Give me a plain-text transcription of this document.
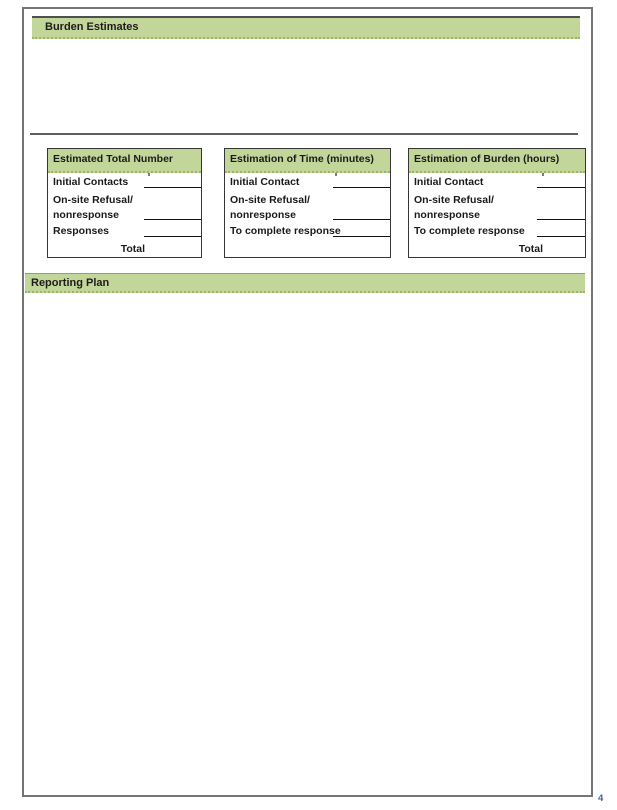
Burden Estimates
Estimated Total Number
Initial Contacts
On-site Refusal/
nonresponse
Responses
Total
Estimation of Time (minutes)
Initial Contact
On-site Refusal/
nonresponse
To complete response
Estimation of Burden (hours)
Initial Contact
On-site Refusal/
nonresponse
To complete response
Total
Reporting Plan
4
